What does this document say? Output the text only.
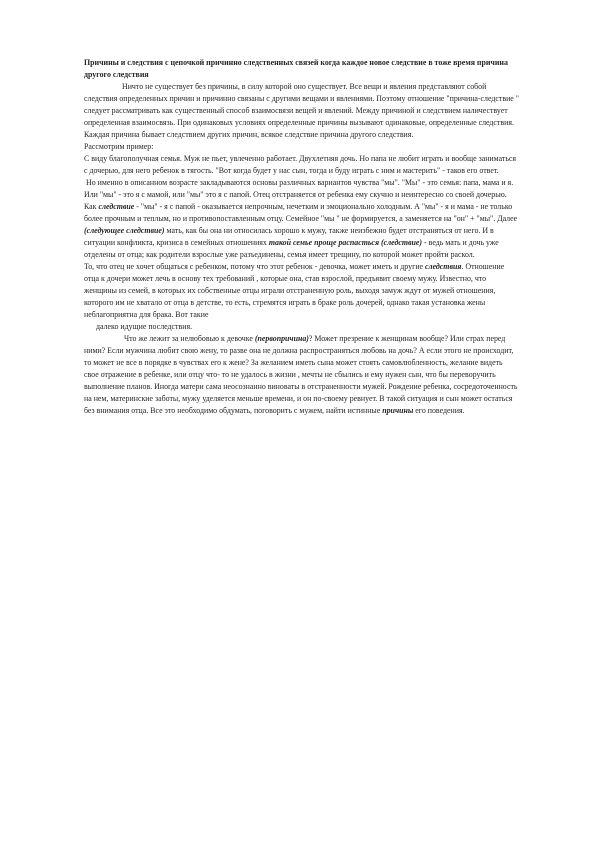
Причины и следствия с цепочкой причинно следственных связей когда каждое новое следствие в тоже время причина другого следствия

Ничто не существует без причины, в силу которой оно существует. Все вещи и явления представляют собой следствия определенных причин и причинно связаны с другими вещами и явлениями. Поэтому отношение "причина-следствие " следует рассматривать как существенный способ взаимосвязи вещей и явлений. Между причиной и следствием наличествует определенная взаимосвязь. При одинаковых условиях определенные причины вызывают одинаковые, определенные следствия. Каждая причина бывает следствием других причин, всякое следствие причина другого следствия.

Рассмотрим пример:

С виду благополучная семья. Муж не пьет, увлеченно работает. Двухлетняя дочь. Но папа не любит играть и вообще заниматься с дочерью, для него ребенок в тягость. "Вот когда будет у нас сын, тогда и буду играть с ним и мастерить" - таков его ответ.

Но именно в описанном возрасте закладываются основы различных вариантов чувства "мы". "Мы" - это семья: папа, мама и я. Или "мы" - это я с мамой, или "мы" это я с папой. Отец отстраняется от ребенка ему скучно и неинтересно со своей дочерью. Как следствие - "мы" - я с папой - оказывается непрочным, нечетким и эмоционально холодным. А "мы" - я и мама - не только более прочным и теплым, но и противопоставленным отцу. Семейное "мы " не формируется, а заменяется на "он" + "мы". Далее (следующее следствие) мать, как бы она ни относилась хорошо к мужу, также неизбежно будет отстраняться от него. И в ситуации конфликта, кризиса в семейных отношениях такой семье проще распасться (следствие) - ведь мать и дочь уже отделены от отца; как родители взрослые уже разъединены, семья имеет трещину, по которой может пройти раскол.

То, что отец не хочет общаться с ребенком, потому что этот ребенок - девочка, может иметь и другие следствия. Отношение отца к дочери может лечь в основу тех требований , которые она, став взрослой, предъявит своему мужу. Известно, что женщины из семей, в которых их собственные отцы играли отстраненную роль, выходя замуж ждут от мужей отношения, которого им не хватало от отца в детстве, то есть, стремятся играть в браке роль дочерей, однако такая установка жены неблагоприятна для брака. Вот такие

далеко идущие последствия.

Что же лежит за нелюбовью к девочке (первопричина)? Может презрение к женщинам вообще? Или страх перед ними? Если мужчина любит свою жену, то разве она не должна распространяться любовь на дочь? А если этого не происходит, то может не все в порядке в чувствах его к жене? За желанием иметь сына может стоять самовлюбленность, желание видеть свое отражение в ребенке, или отцу что- то не удалось в жизни , мечты не сбылись и ему нужен сын, что бы переворучить выполнение планов. Иногда матери сама неосознанно виноваты в отстраненности мужей. Рождение ребенка, сосредоточенность на нем, материнские заботы, мужу уделяется меньше времени, и он по-своему ревнует. В такой ситуация и сын может остаться без внимания отца. Все это необходимо обдумать, поговорить с мужем, найти истинные причины его поведения.
